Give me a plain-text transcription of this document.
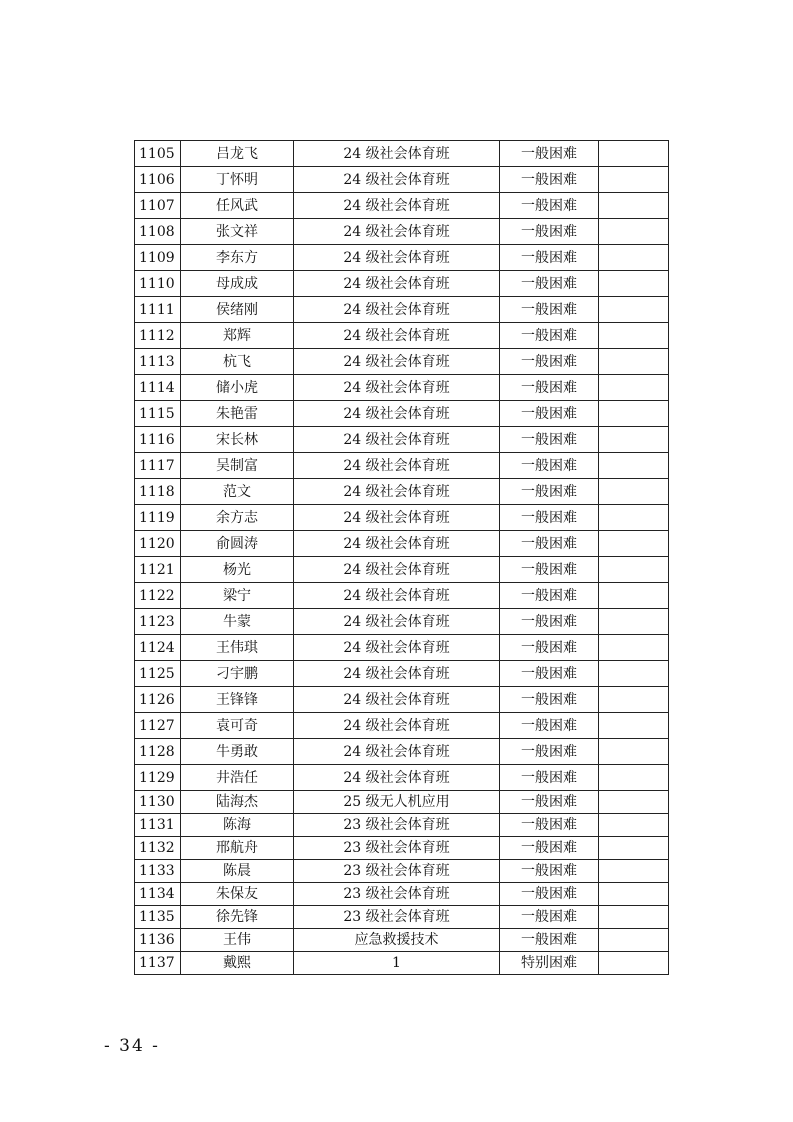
1105	吕龙飞	24 级社会体育班	一般困难	
1106	丁怀明	24 级社会体育班	一般困难	
1107	任风武	24 级社会体育班	一般困难	
1108	张文祥	24 级社会体育班	一般困难	
1109	李东方	24 级社会体育班	一般困难	
1110	母成成	24 级社会体育班	一般困难	
1111	侯绪刚	24 级社会体育班	一般困难	
1112	郑辉	24 级社会体育班	一般困难	
1113	杭飞	24 级社会体育班	一般困难	
1114	储小虎	24 级社会体育班	一般困难	
1115	朱艳雷	24 级社会体育班	一般困难	
1116	宋长林	24 级社会体育班	一般困难	
1117	吴制富	24 级社会体育班	一般困难	
1118	范文	24 级社会体育班	一般困难	
1119	余方志	24 级社会体育班	一般困难	
1120	俞圆涛	24 级社会体育班	一般困难	
1121	杨光	24 级社会体育班	一般困难	
1122	梁宁	24 级社会体育班	一般困难	
1123	牛蒙	24 级社会体育班	一般困难	
1124	王伟琪	24 级社会体育班	一般困难	
1125	刁宇鹏	24 级社会体育班	一般困难	
1126	王锋锋	24 级社会体育班	一般困难	
1127	袁可奇	24 级社会体育班	一般困难	
1128	牛勇敢	24 级社会体育班	一般困难	
1129	井浩任	24 级社会体育班	一般困难	
1130	陆海杰	25 级无人机应用	一般困难	
1131	陈海	23 级社会体育班	一般困难	
1132	邢航舟	23 级社会体育班	一般困难	
1133	陈晨	23 级社会体育班	一般困难	
1134	朱保友	23 级社会体育班	一般困难	
1135	徐先锋	23 级社会体育班	一般困难	
1136	王伟	应急救援技术	一般困难	
1137	戴熙	1	特别困难	
- 34 -
